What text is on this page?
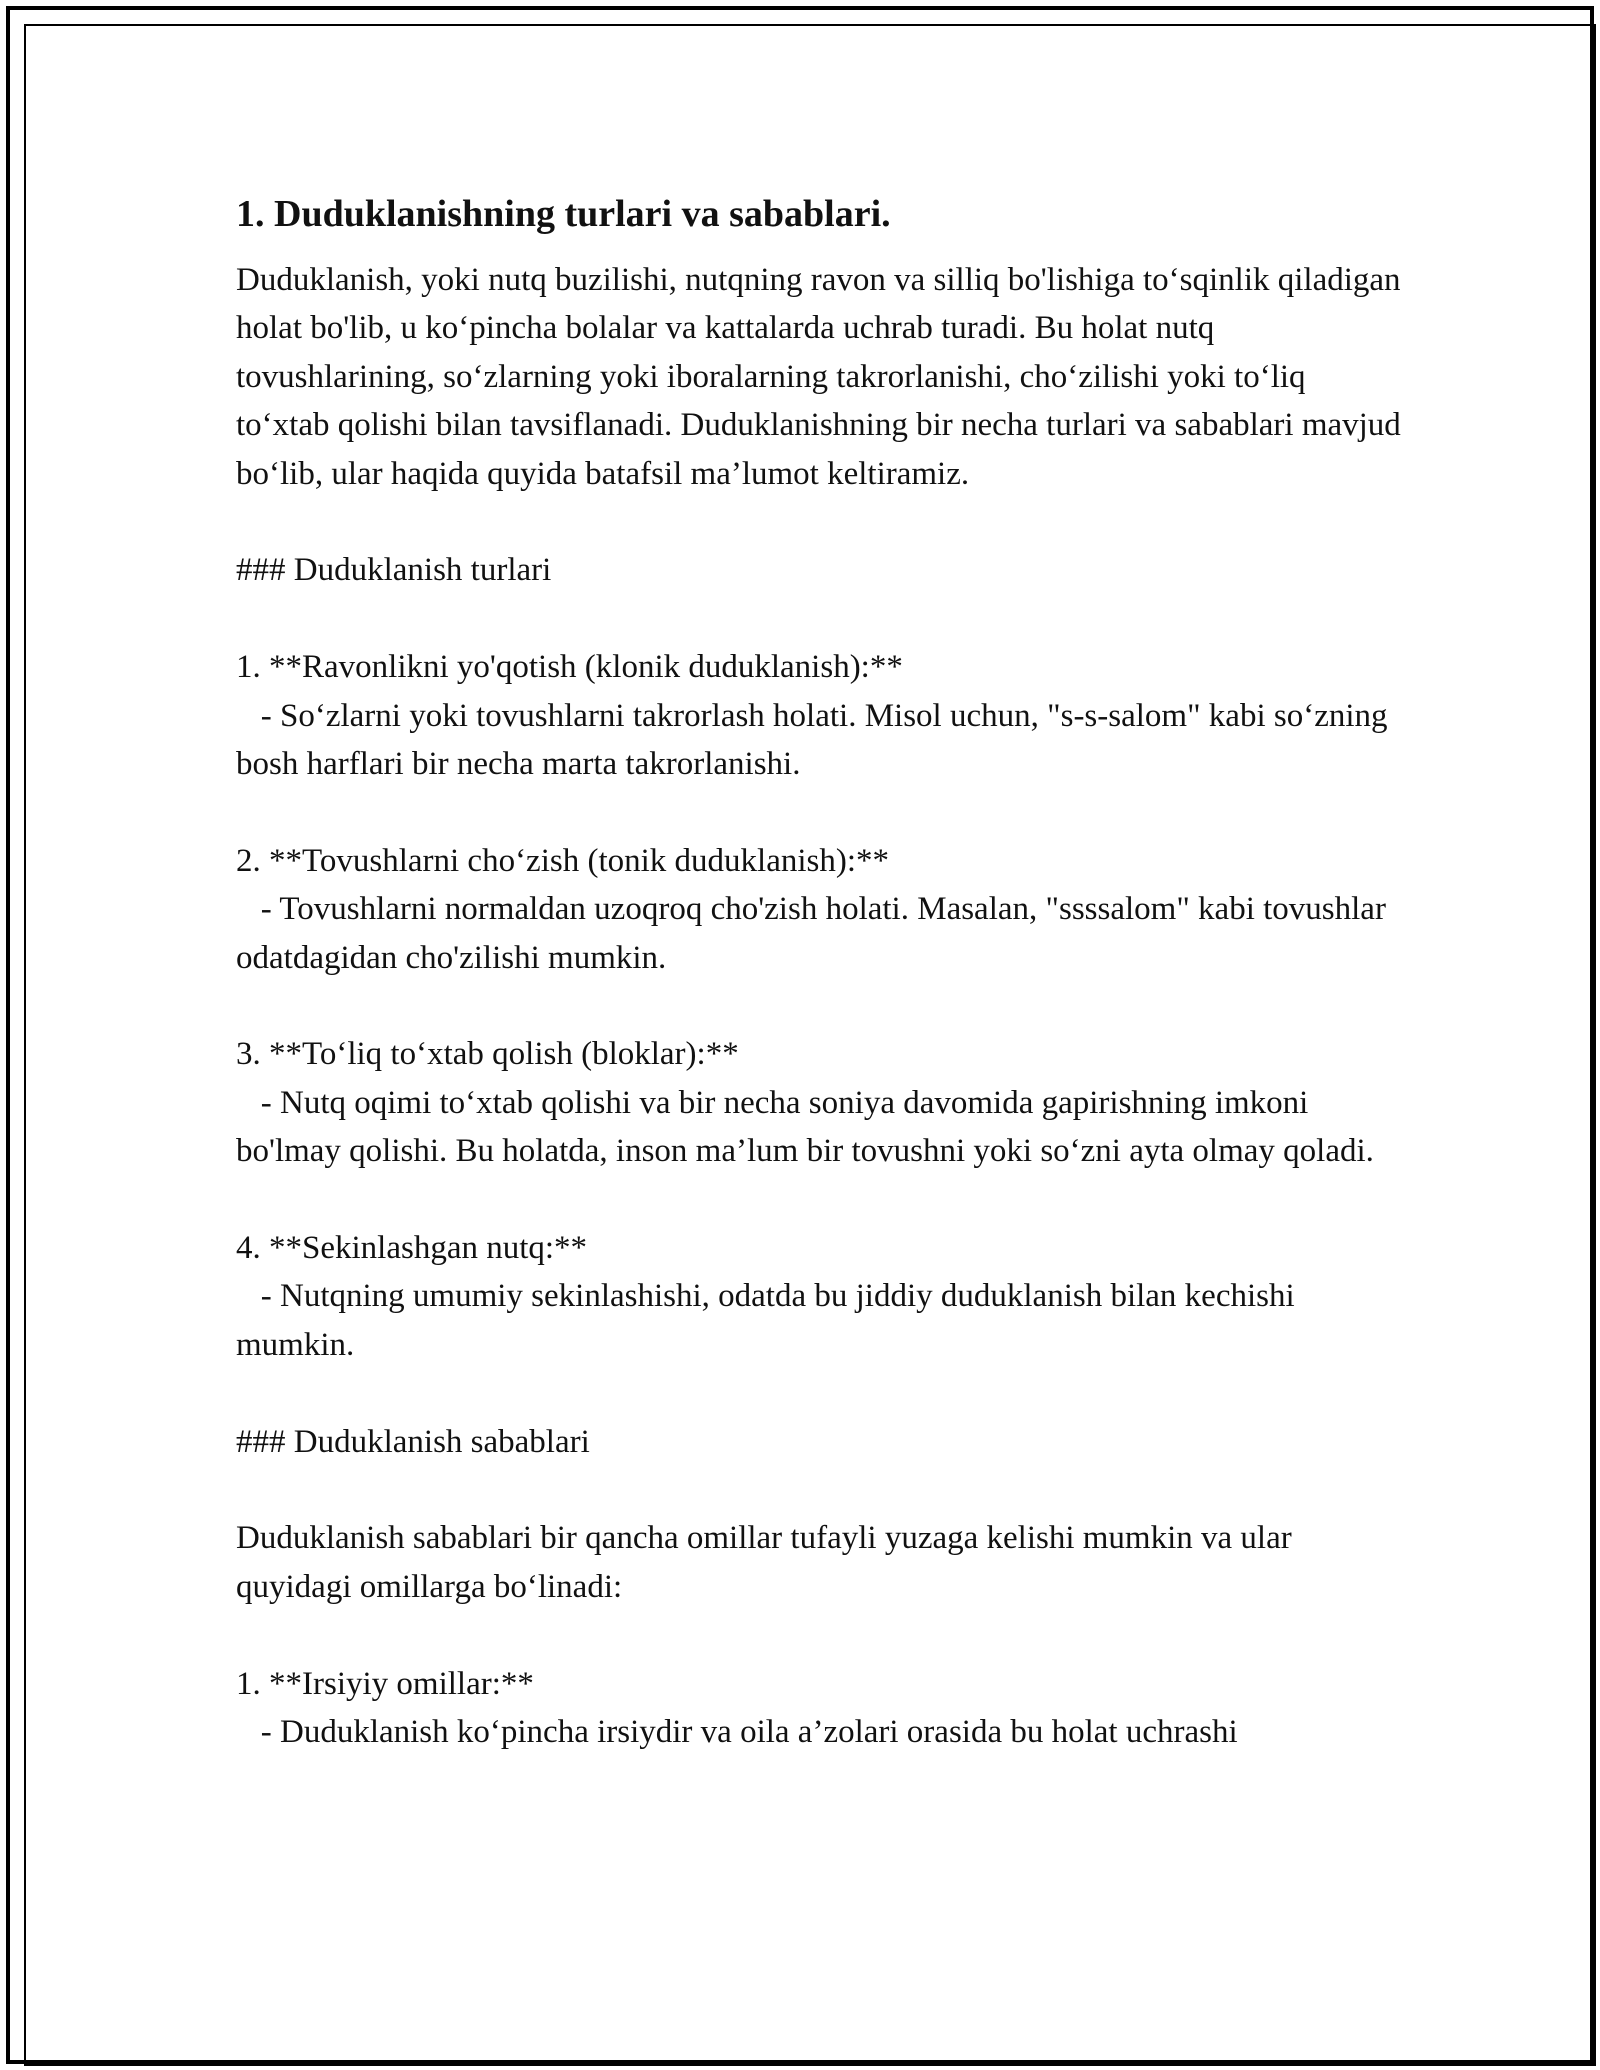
1. Duduklanishning turlari va sabablari.

Duduklanish, yoki nutq buzilishi, nutqning ravon va silliq bo'lishiga to‘sqinlik qiladigan holat bo'lib, u ko‘pincha bolalar va kattalarda uchrab turadi. Bu holat nutq tovushlarining, so‘zlarning yoki iboralarning takrorlanishi, cho‘zilishi yoki to‘liq to‘xtab qolishi bilan tavsiflanadi. Duduklanishning bir necha turlari va sabablari mavjud bo‘lib, ular haqida quyida batafsil ma’lumot keltiramiz.

### Duduklanish turlari

1. **Ravonlikni yo'qotish (klonik duduklanish):**

- So‘zlarni yoki tovushlarni takrorlash holati. Misol uchun, "s-s-salom" kabi so‘zning bosh harflari bir necha marta takrorlanishi.

2. **Tovushlarni cho‘zish (tonik duduklanish):**

- Tovushlarni normaldan uzoqroq cho'zish holati. Masalan, "ssssalom" kabi tovushlar odatdagidan cho'zilishi mumkin.

3. **To‘liq to‘xtab qolish (bloklar):**

- Nutq oqimi to‘xtab qolishi va bir necha soniya davomida gapirishning imkoni bo'lmay qolishi. Bu holatda, inson ma’lum bir tovushni yoki so‘zni ayta olmay qoladi.

4. **Sekinlashgan nutq:**

- Nutqning umumiy sekinlashishi, odatda bu jiddiy duduklanish bilan kechishi mumkin.

### Duduklanish sabablari

Duduklanish sabablari bir qancha omillar tufayli yuzaga kelishi mumkin va ular quyidagi omillarga bo‘linadi:

1. **Irsiyiy omillar:**

- Duduklanish ko‘pincha irsiydir va oila a’zolari orasida bu holat uchrashi
